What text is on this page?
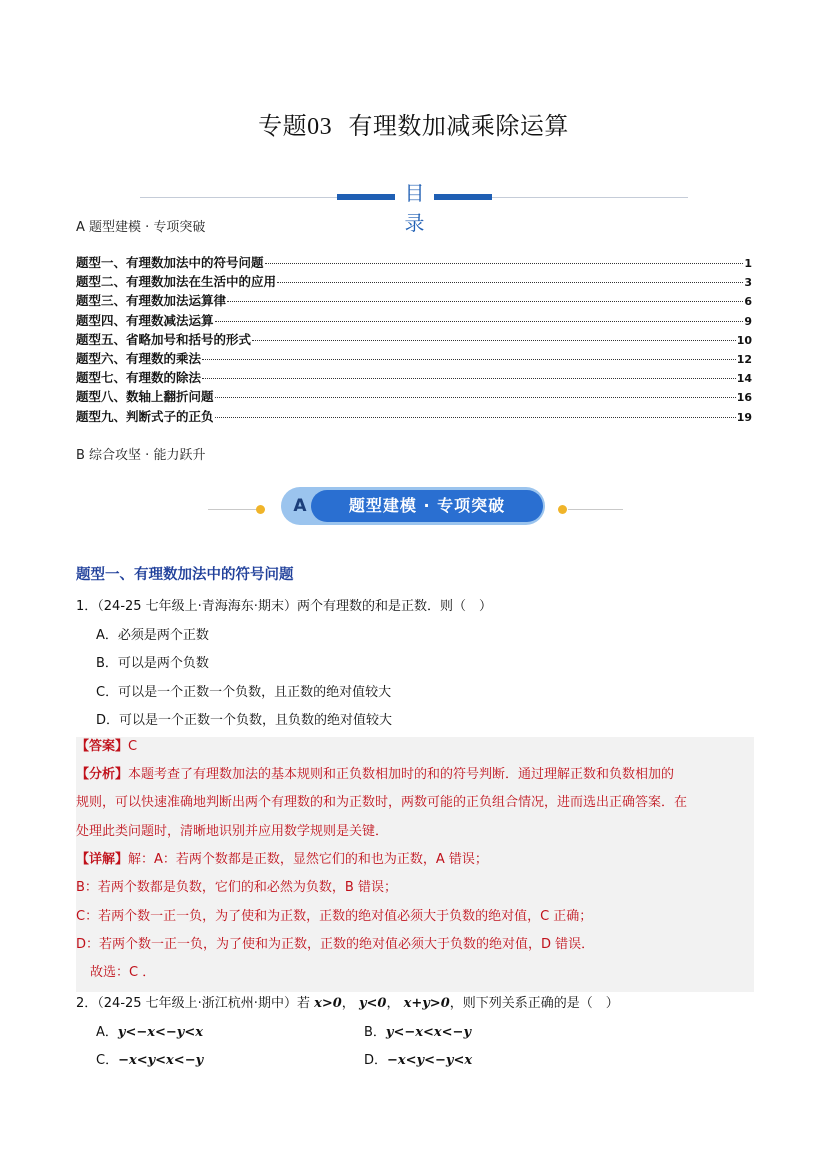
专题03 有理数加减乘除运算
目录
A 题型建模 · 专项突破
题型一、有理数加法中的符号问题	1
题型二、有理数加法在生活中的应用	3
题型三、有理数加法运算律	6
题型四、有理数减法运算	9
题型五、省略加号和括号的形式	10
题型六、有理数的乘法	12
题型七、有理数的除法	14
题型八、数轴上翻折问题	16
题型九、判断式子的正负	19
B 综合攻坚 · 能力跃升
A	题型建模 · 专项突破
题型一、有理数加法中的符号问题
1．（24-25 七年级上·青海海东·期末）两个有理数的和是正数．则（　）
A．必须是两个正数
B．可以是两个负数
C．可以是一个正数一个负数，且正数的绝对值较大
D．可以是一个正数一个负数，且负数的绝对值较大
【答案】C
【分析】本题考查了有理数加法的基本规则和正负数相加时的和的符号判断．通过理解正数和负数相加的
规则，可以快速准确地判断出两个有理数的和为正数时，两数可能的正负组合情况，进而选出正确答案．在
处理此类问题时，清晰地识别并应用数学规则是关键．
【详解】解：A：若两个数都是正数，显然它们的和也为正数，A 错误；
B：若两个数都是负数，它们的和必然为负数，B 错误；
C：若两个数一正一负，为了使和为正数，正数的绝对值必须大于负数的绝对值，C 正确；
D：若两个数一正一负，为了使和为正数，正数的绝对值必须大于负数的绝对值，D 错误．
故选：C ．
2．（24-25 七年级上·浙江杭州·期中）若 x>0， y<0， x+y>0，则下列关系正确的是（　）
A．y<−x<−y<x	B．y<−x<x<−y
C．−x<y<x<−y	D．−x<y<−y<x
